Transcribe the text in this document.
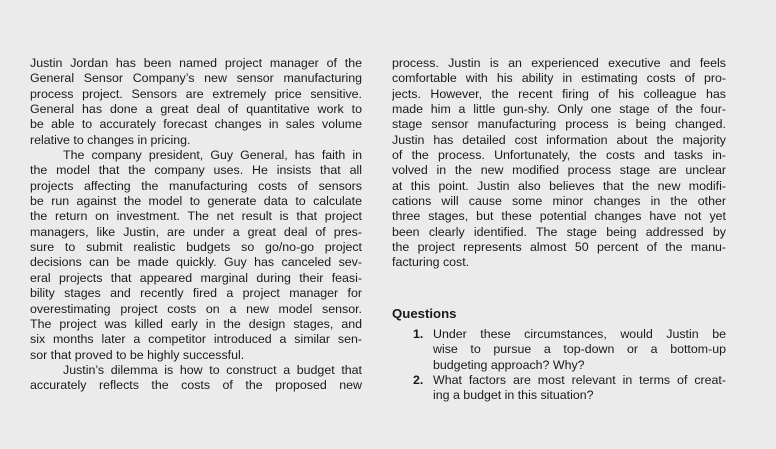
Justin Jordan has been named project manager of the
General Sensor Company’s new sensor manufacturing
process project. Sensors are extremely price sensitive.
General has done a great deal of quantitative work to
be able to accurately forecast changes in sales volume
relative to changes in pricing.
The company president, Guy General, has faith in
the model that the company uses. He insists that all
projects affecting the manufacturing costs of sensors
be run against the model to generate data to calculate
the return on investment. The net result is that project
managers, like Justin, are under a great deal of pres-
sure to submit realistic budgets so go/no-go project
decisions can be made quickly. Guy has canceled sev-
eral projects that appeared marginal during their feasi-
bility stages and recently fired a project manager for
overestimating project costs on a new model sensor.
The project was killed early in the design stages, and
six months later a competitor introduced a similar sen-
sor that proved to be highly successful.
Justin’s dilemma is how to construct a budget that
accurately reflects the costs of the proposed new
process. Justin is an experienced executive and feels
comfortable with his ability in estimating costs of pro-
jects. However, the recent firing of his colleague has
made him a little gun-shy. Only one stage of the four-
stage sensor manufacturing process is being changed.
Justin has detailed cost information about the majority
of the process. Unfortunately, the costs and tasks in-
volved in the new modified process stage are unclear
at this point. Justin also believes that the new modifi-
cations will cause some minor changes in the other
three stages, but these potential changes have not yet
been clearly identified. The stage being addressed by
the project represents almost 50 percent of the manu-
facturing cost.
Questions
1. Under these circumstances, would Justin be
wise to pursue a top-down or a bottom-up
budgeting approach? Why?
2. What factors are most relevant in terms of creat-
ing a budget in this situation?
